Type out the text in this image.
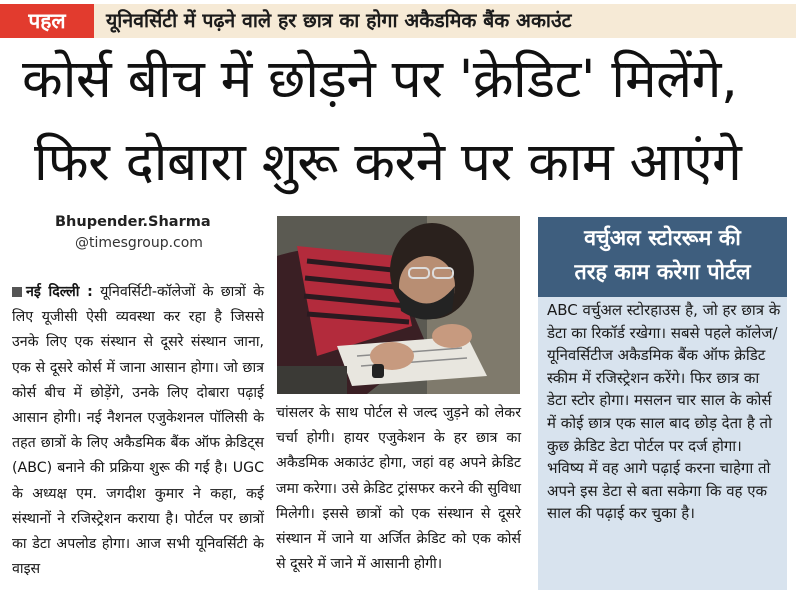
पहल	यूनिवर्सिटी में पढ़ने वाले हर छात्र का होगा अकैडमिक बैंक अकाउंट
कोर्स बीच में छोड़ने पर 'क्रेडिट' मिलेंगे,
फिर दोबारा शुरू करने पर काम आएंगे
Bhupender.Sharma
@timesgroup.com
नई दिल्ली : यूनिवर्सिटी-कॉलेजों के छात्रों के लिए यूजीसी ऐसी व्यवस्था कर रहा है जिससे उनके लिए एक संस्थान से दूसरे संस्थान जाना, एक से दूसरे कोर्स में जाना आसान होगा। जो छात्र कोर्स बीच में छोड़ेंगे, उनके लिए दोबारा पढ़ाई आसान होगी। नई नैशनल एजुकेशनल पॉलिसी के तहत छात्रों के लिए अकैडमिक बैंक ऑफ क्रेडिट्स (ABC) बनाने की प्रक्रिया शुरू की गई है। UGC के अध्यक्ष एम. जगदीश कुमार ने कहा, कई संस्थानों ने रजिस्ट्रेशन कराया है। पोर्टल पर छात्रों का डेटा अपलोड होगा। आज सभी यूनिवर्सिटी के वाइस
चांसलर के साथ पोर्टल से जल्द जुड़ने को लेकर चर्चा होगी। हायर एजुकेशन के हर छात्र का अकैडमिक अकाउंट होगा, जहां वह अपने क्रेडिट जमा करेगा। उसे क्रेडिट ट्रांसफर करने की सुविधा मिलेगी। इससे छात्रों को एक संस्थान से दूसरे संस्थान में जाने या अर्जित क्रेडिट को एक कोर्स से दूसरे में जाने में आसानी होगी।
वर्चुअल स्टोररूम की
तरह काम करेगा पोर्टल
ABC वर्चुअल स्टोरहाउस है, जो हर छात्र के डेटा का रिकॉर्ड रखेगा। सबसे पहले कॉलेज/यूनिवर्सिटीज अकैडमिक बैंक ऑफ क्रेडिट स्कीम में रजिस्ट्रेशन करेंगे। फिर छात्र का डेटा स्टोर होगा। मसलन चार साल के कोर्स में कोई छात्र एक साल बाद छोड़ देता है तो कुछ क्रेडिट डेटा पोर्टल पर दर्ज होगा। भविष्य में वह आगे पढ़ाई करना चाहेगा तो अपने इस डेटा से बता सकेगा कि वह एक साल की पढ़ाई कर चुका है।
